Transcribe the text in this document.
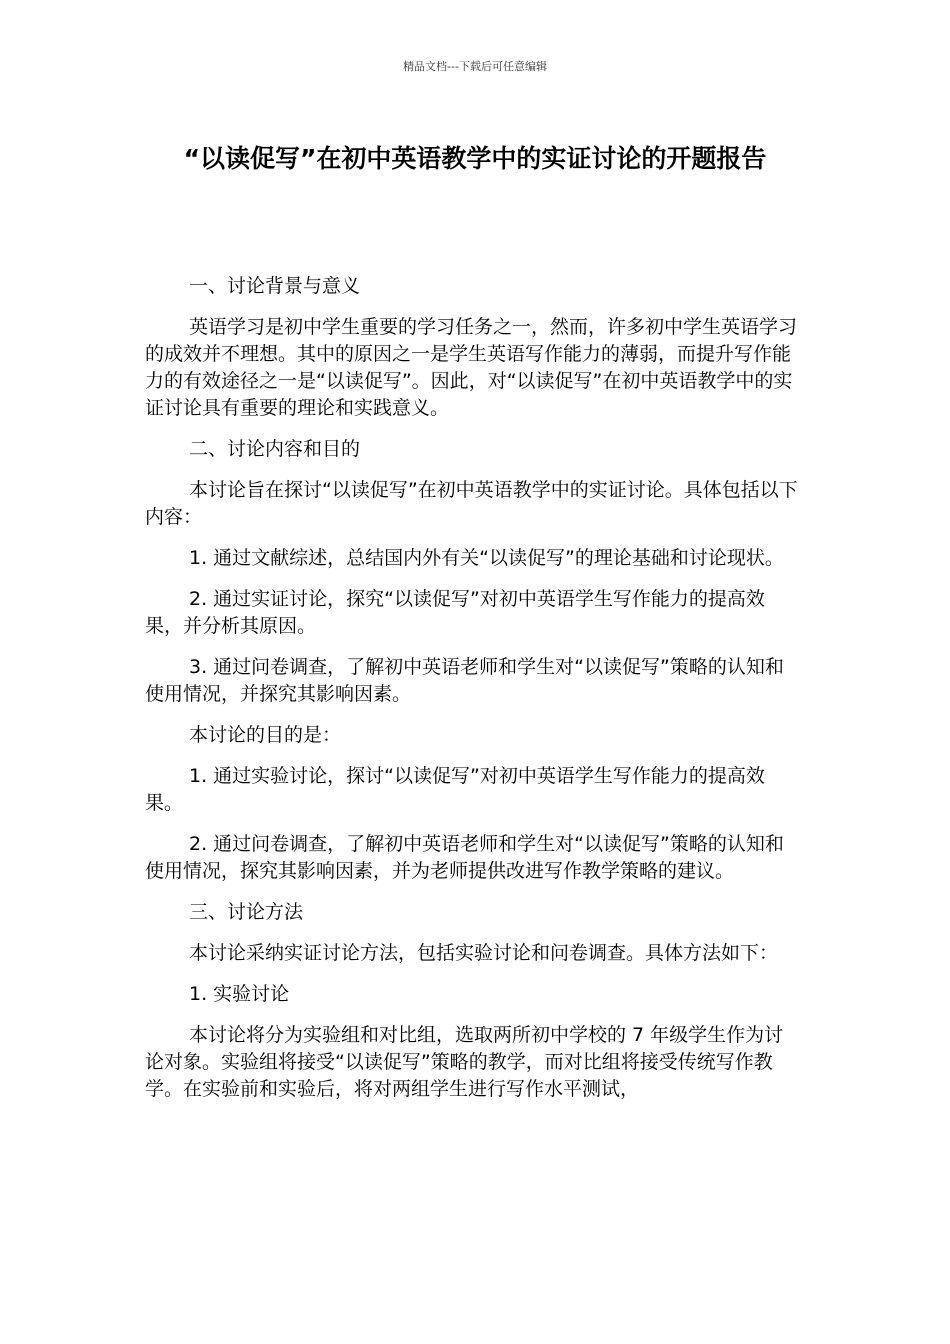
精品文档---下载后可任意编辑
“以读促写”在初中英语教学中的实证讨论的开题报告

一、讨论背景与意义

英语学习是初中学生重要的学习任务之一，然而，许多初中学生英语学习的成效并不理想。其中的原因之一是学生英语写作能力的薄弱，而提升写作能力的有效途径之一是“以读促写”。因此，对“以读促写”在初中英语教学中的实证讨论具有重要的理论和实践意义。

二、讨论内容和目的

本讨论旨在探讨“以读促写”在初中英语教学中的实证讨论。具体包括以下内容：

1. 通过文献综述，总结国内外有关“以读促写”的理论基础和讨论现状。

2. 通过实证讨论，探究“以读促写”对初中英语学生写作能力的提高效果，并分析其原因。

3. 通过问卷调查，了解初中英语老师和学生对“以读促写”策略的认知和使用情况，并探究其影响因素。

本讨论的目的是：

1. 通过实验讨论，探讨“以读促写”对初中英语学生写作能力的提高效果。

2. 通过问卷调查，了解初中英语老师和学生对“以读促写”策略的认知和使用情况，探究其影响因素，并为老师提供改进写作教学策略的建议。

三、讨论方法

本讨论采纳实证讨论方法，包括实验讨论和问卷调查。具体方法如下：

1. 实验讨论

本讨论将分为实验组和对比组，选取两所初中学校的 7 年级学生作为讨论对象。实验组将接受“以读促写”策略的教学，而对比组将接受传统写作教学。在实验前和实验后，将对两组学生进行写作水平测试，
